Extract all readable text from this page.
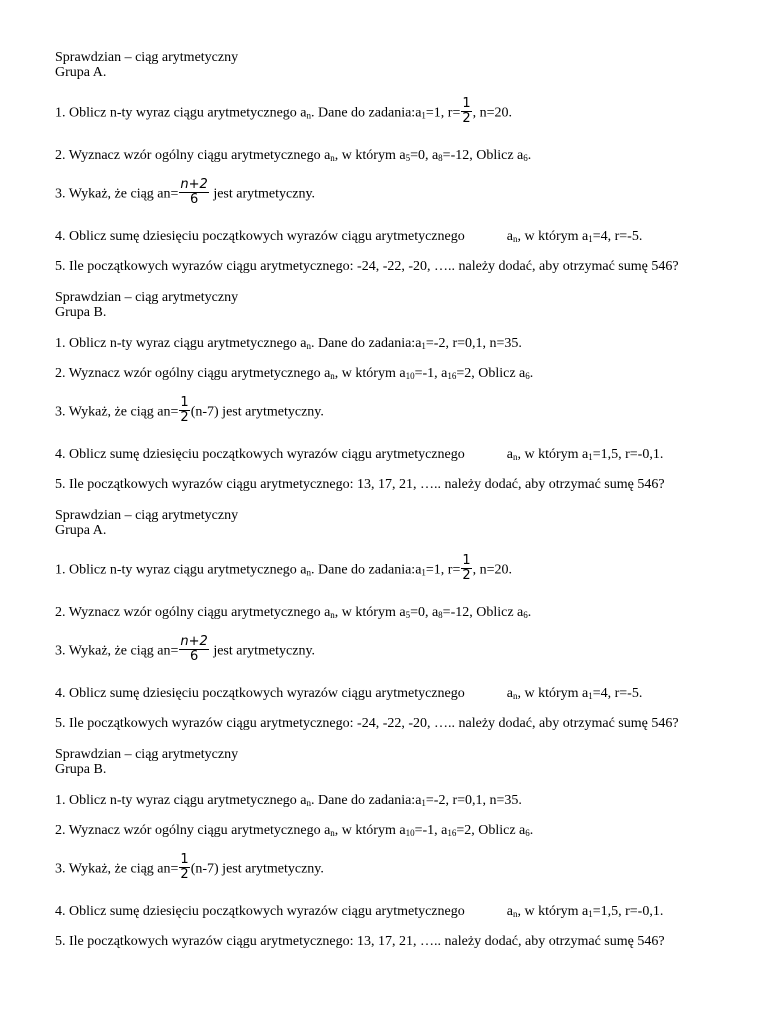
Sprawdzian – ciąg arytmetyczny
Grupa A.
1. Oblicz n-ty wyraz ciągu arytmetycznego $a_n$. Dane do $zadania:a_1=1$, $r= \frac{1}{2}$ , n=20.
2. Wyznacz wzór ogólny ciągu arytmetycznego $a_n$, w którym $a_5=0$, $a_8=-12$, Oblicz $a_6$.
3. Wykaż, że ciąg $an= \frac{n+2}{6}$ jest arytmetyczny.
4. Oblicz sumę dziesięciu początkowych wyrazów ciągu arytmetycznego	$a_n$, w którym $a_1=4$, r=-5.
5. Ile początkowych wyrazów ciągu arytmetycznego: -24, -22, -20, ….. należy dodać, aby otrzymać sumę 546?
Sprawdzian – ciąg arytmetyczny
Grupa B.
1. Oblicz n-ty wyraz ciągu arytmetycznego $a_n$. Dane do $zadania:a_1=-2$, r=0,1, n=35.
2. Wyznacz wzór ogólny ciągu arytmetycznego $a_n$, w którym $a_{10}=-1$, $a_{16}=2$, Oblicz $a_6$.
3. Wykaż, że ciąg $an= \frac{1}{2} (n-7)$ jest arytmetyczny.
4. Oblicz sumę dziesięciu początkowych wyrazów ciągu arytmetycznego	$a_n$, w którym $a_1=1,5$, r=-0,1.
5. Ile początkowych wyrazów ciągu arytmetycznego: 13, 17, 21, ….. należy dodać, aby otrzymać sumę 546?
Sprawdzian – ciąg arytmetyczny
Grupa A.
1. Oblicz n-ty wyraz ciągu arytmetycznego $a_n$. Dane do $zadania:a_1=1$, $r= \frac{1}{2}$ , n=20.
2. Wyznacz wzór ogólny ciągu arytmetycznego $a_n$, w którym $a_5=0$, $a_8=-12$, Oblicz $a_6$.
3. Wykaż, że ciąg $an= \frac{n+2}{6}$ jest arytmetyczny.
4. Oblicz sumę dziesięciu początkowych wyrazów ciągu arytmetycznego	$a_n$, w którym $a_1=4$, r=-5.
5. Ile początkowych wyrazów ciągu arytmetycznego: -24, -22, -20, ….. należy dodać, aby otrzymać sumę 546?
Sprawdzian – ciąg arytmetyczny
Grupa B.
1. Oblicz n-ty wyraz ciągu arytmetycznego $a_n$. Dane do $zadania:a_1=-2$, r=0,1, n=35.
2. Wyznacz wzór ogólny ciągu arytmetycznego $a_n$, w którym $a_{10}=-1$, $a_{16}=2$, Oblicz $a_6$.
3. Wykaż, że ciąg $an= \frac{1}{2} (n-7)$ jest arytmetyczny.
4. Oblicz sumę dziesięciu początkowych wyrazów ciągu arytmetycznego	$a_n$, w którym $a_1=1,5$, r=-0,1.
5. Ile początkowych wyrazów ciągu arytmetycznego: 13, 17, 21, ….. należy dodać, aby otrzymać sumę 546?
